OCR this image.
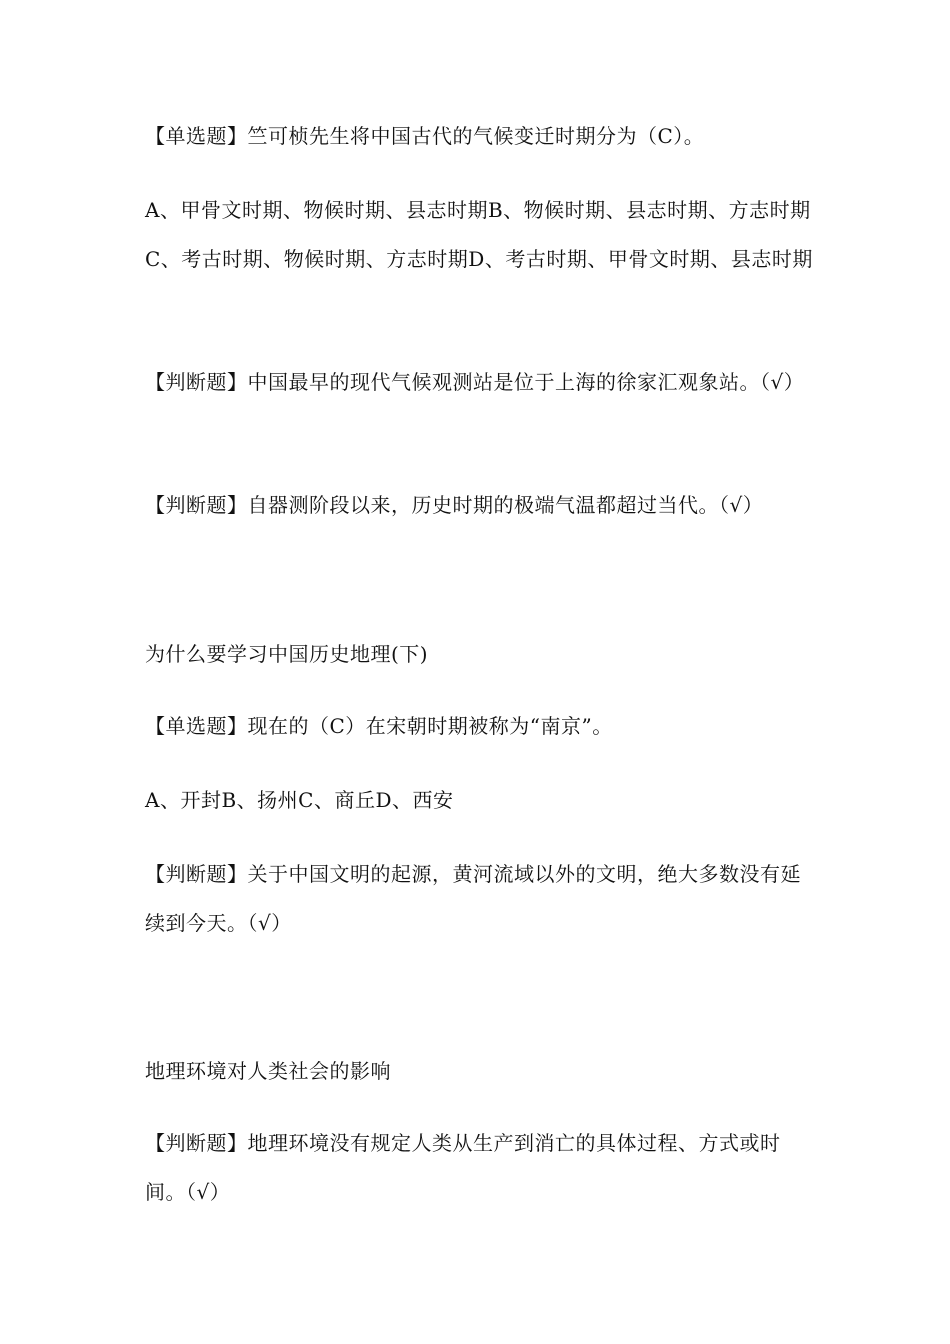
【单选题】竺可桢先生将中国古代的气候变迁时期分为（C）。
A、甲骨文时期、物候时期、县志时期B、物候时期、县志时期、方志时期C、考古时期、物候时期、方志时期D、考古时期、甲骨文时期、县志时期
【判断题】中国最早的现代气候观测站是位于上海的徐家汇观象站。（√）
【判断题】自器测阶段以来，历史时期的极端气温都超过当代。（√）
为什么要学习中国历史地理(下)
【单选题】现在的（C）在宋朝时期被称为“南京”。
A、开封B、扬州C、商丘D、西安
【判断题】关于中国文明的起源，黄河流域以外的文明，绝大多数没有延续到今天。（√）
地理环境对人类社会的影响
【判断题】地理环境没有规定人类从生产到消亡的具体过程、方式或时间。（√）
